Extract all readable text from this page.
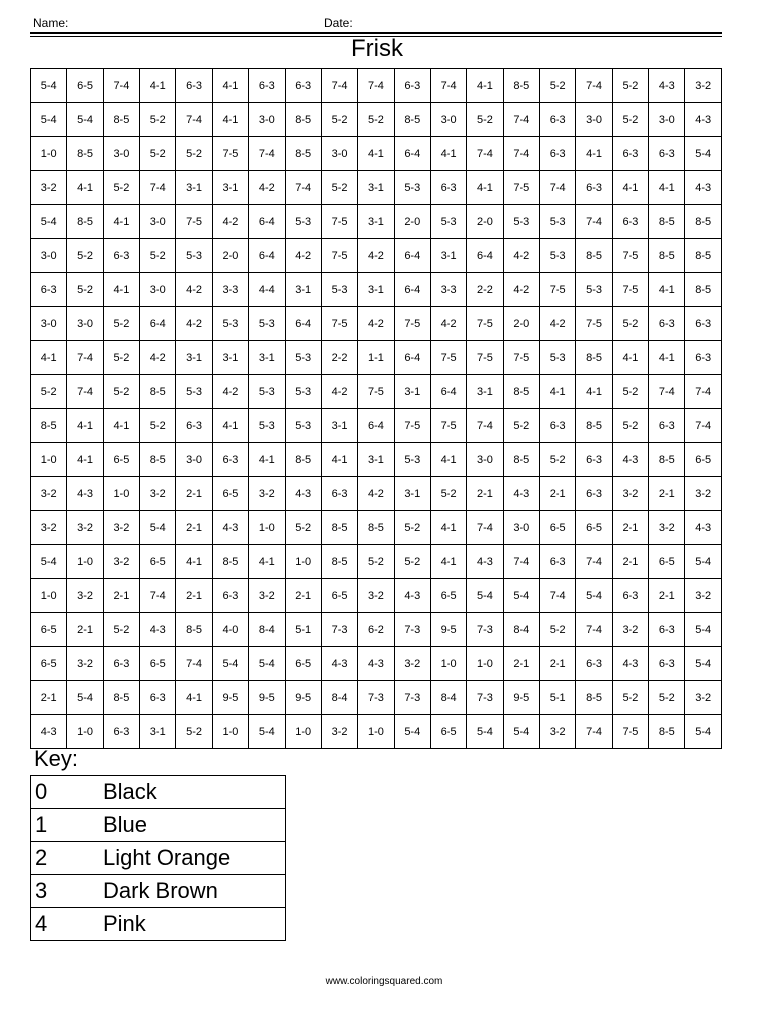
Name:	Date:
Frisk
5-4	6-5	7-4	4-1	6-3	4-1	6-3	6-3	7-4	7-4	6-3	7-4	4-1	8-5	5-2	7-4	5-2	4-3	3-2
5-4	5-4	8-5	5-2	7-4	4-1	3-0	8-5	5-2	5-2	8-5	3-0	5-2	7-4	6-3	3-0	5-2	3-0	4-3
1-0	8-5	3-0	5-2	5-2	7-5	7-4	8-5	3-0	4-1	6-4	4-1	7-4	7-4	6-3	4-1	6-3	6-3	5-4
3-2	4-1	5-2	7-4	3-1	3-1	4-2	7-4	5-2	3-1	5-3	6-3	4-1	7-5	7-4	6-3	4-1	4-1	4-3
5-4	8-5	4-1	3-0	7-5	4-2	6-4	5-3	7-5	3-1	2-0	5-3	2-0	5-3	5-3	7-4	6-3	8-5	8-5
3-0	5-2	6-3	5-2	5-3	2-0	6-4	4-2	7-5	4-2	6-4	3-1	6-4	4-2	5-3	8-5	7-5	8-5	8-5
6-3	5-2	4-1	3-0	4-2	3-3	4-4	3-1	5-3	3-1	6-4	3-3	2-2	4-2	7-5	5-3	7-5	4-1	8-5
3-0	3-0	5-2	6-4	4-2	5-3	5-3	6-4	7-5	4-2	7-5	4-2	7-5	2-0	4-2	7-5	5-2	6-3	6-3
4-1	7-4	5-2	4-2	3-1	3-1	3-1	5-3	2-2	1-1	6-4	7-5	7-5	7-5	5-3	8-5	4-1	4-1	6-3
5-2	7-4	5-2	8-5	5-3	4-2	5-3	5-3	4-2	7-5	3-1	6-4	3-1	8-5	4-1	4-1	5-2	7-4	7-4
8-5	4-1	4-1	5-2	6-3	4-1	5-3	5-3	3-1	6-4	7-5	7-5	7-4	5-2	6-3	8-5	5-2	6-3	7-4
1-0	4-1	6-5	8-5	3-0	6-3	4-1	8-5	4-1	3-1	5-3	4-1	3-0	8-5	5-2	6-3	4-3	8-5	6-5
3-2	4-3	1-0	3-2	2-1	6-5	3-2	4-3	6-3	4-2	3-1	5-2	2-1	4-3	2-1	6-3	3-2	2-1	3-2
3-2	3-2	3-2	5-4	2-1	4-3	1-0	5-2	8-5	8-5	5-2	4-1	7-4	3-0	6-5	6-5	2-1	3-2	4-3
5-4	1-0	3-2	6-5	4-1	8-5	4-1	1-0	8-5	5-2	5-2	4-1	4-3	7-4	6-3	7-4	2-1	6-5	5-4
1-0	3-2	2-1	7-4	2-1	6-3	3-2	2-1	6-5	3-2	4-3	6-5	5-4	5-4	7-4	5-4	6-3	2-1	3-2
6-5	2-1	5-2	4-3	8-5	4-0	8-4	5-1	7-3	6-2	7-3	9-5	7-3	8-4	5-2	7-4	3-2	6-3	5-4
6-5	3-2	6-3	6-5	7-4	5-4	5-4	6-5	4-3	4-3	3-2	1-0	1-0	2-1	2-1	6-3	4-3	6-3	5-4
2-1	5-4	8-5	6-3	4-1	9-5	9-5	9-5	8-4	7-3	7-3	8-4	7-3	9-5	5-1	8-5	5-2	5-2	3-2
4-3	1-0	6-3	3-1	5-2	1-0	5-4	1-0	3-2	1-0	5-4	6-5	5-4	5-4	3-2	7-4	7-5	8-5	5-4
Key:
0	Black
1	Blue
2	Light Orange
3	Dark Brown
4	Pink
www.coloringsquared.com
